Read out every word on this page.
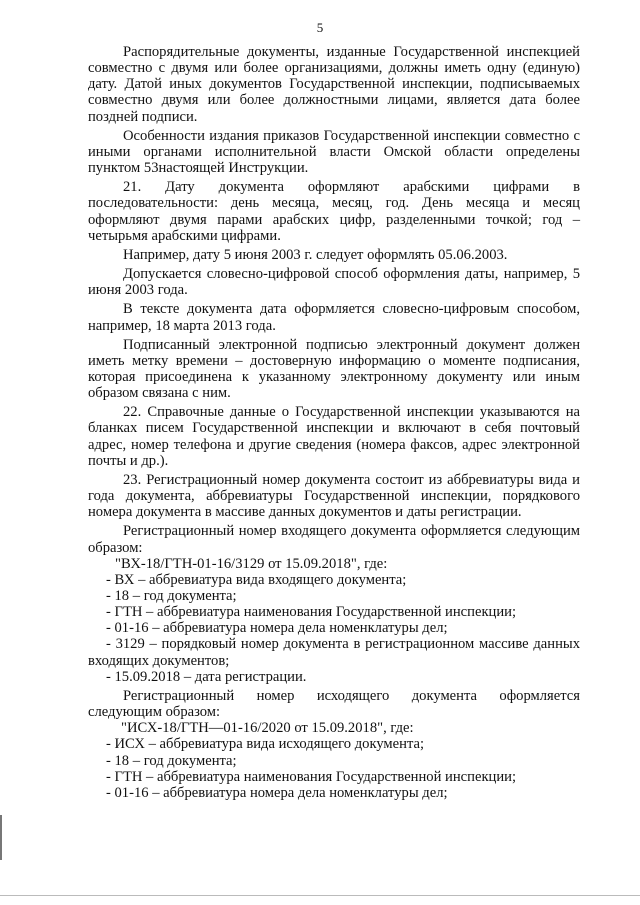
5

Распорядительные документы, изданные Государственной инспекцией совместно с двумя или более организациями, должны иметь одну (единую) дату. Датой иных документов Государственной инспекции, подписываемых совместно двумя или более должностными лицами, является дата более поздней подписи.

Особенности издания приказов Государственной инспекции совместно с иными органами исполнительной власти Омской области определены пунктом 53настоящей Инструкции.

21. Дату документа оформляют арабскими цифрами в

последовательности: день месяца, месяц, год. День месяца и месяц оформляют двумя парами арабских цифр, разделенными точкой; год – четырьмя арабскими цифрами.

Например, дату 5 июня 2003 г. следует оформлять 05.06.2003.

Допускается словесно-цифровой способ оформления даты, например, 5 июня 2003 года.

В тексте документа дата оформляется словесно-цифровым способом, например, 18 марта 2013 года.

Подписанный электронной подписью электронный документ должен иметь метку времени – достоверную информацию о моменте подписания, которая присоединена к указанному электронному документу или иным образом связана с ним.

22. Справочные данные о Государственной инспекции указываются на бланках писем Государственной инспекции и включают в себя почтовый адрес, номер телефона и другие сведения (номера факсов, адрес электронной почты и др.).

23. Регистрационный номер документа состоит из аббревиатуры вида и года документа, аббревиатуры Государственной инспекции, порядкового номера документа в массиве данных документов и даты регистрации.

Регистрационный номер входящего документа оформляется следующим образом:

"ВХ-18/ГТН-01-16/3129 от 15.09.2018", где:

- ВХ – аббревиатура вида входящего документа;

- 18 – год документа;

- ГТН – аббревиатура наименования Государственной инспекции;

- 01-16 – аббревиатура номера дела номенклатуры дел;

- 3129 – порядковый номер документа в регистрационном массиве данных входящих документов;

- 15.09.2018 – дата регистрации.

Регистрационный номер исходящего документа оформляется следующим образом:

"ИСХ-18/ГТН—01-16/2020 от 15.09.2018", где:

- ИСХ – аббревиатура вида исходящего документа;

- 18 – год документа;

- ГТН – аббревиатура наименования Государственной инспекции;

- 01-16 – аббревиатура номера дела номенклатуры дел;
